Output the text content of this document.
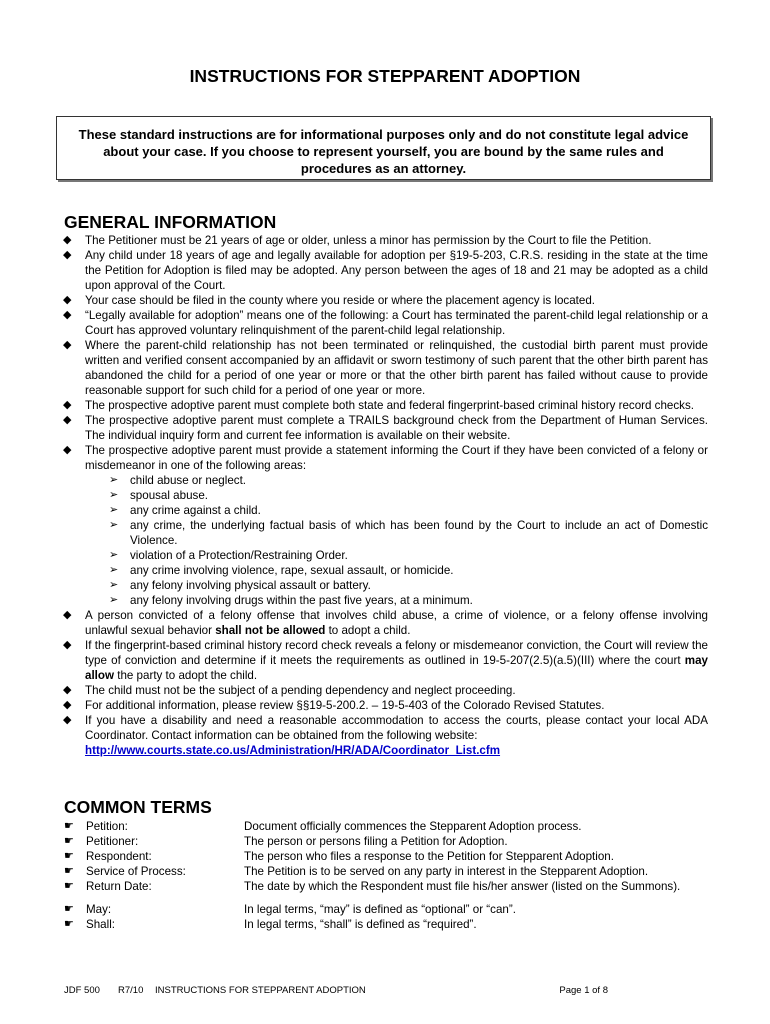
INSTRUCTIONS FOR STEPPARENT ADOPTION
These standard instructions are for informational purposes only and do not constitute legal advice about your case. If you choose to represent yourself, you are bound by the same rules and procedures as an attorney.
GENERAL INFORMATION
◆ The Petitioner must be 21 years of age or older, unless a minor has permission by the Court to file the Petition.
◆ Any child under 18 years of age and legally available for adoption per §19-5-203, C.R.S. residing in the state at the time the Petition for Adoption is filed may be adopted. Any person between the ages of 18 and 21 may be adopted as a child upon approval of the Court.
◆ Your case should be filed in the county where you reside or where the placement agency is located.
◆ “Legally available for adoption” means one of the following: a Court has terminated the parent-child legal relationship or a Court has approved voluntary relinquishment of the parent-child legal relationship.
◆ Where the parent-child relationship has not been terminated or relinquished, the custodial birth parent must provide written and verified consent accompanied by an affidavit or sworn testimony of such parent that the other birth parent has abandoned the child for a period of one year or more or that the other birth parent has failed without cause to provide reasonable support for such child for a period of one year or more.
◆ The prospective adoptive parent must complete both state and federal fingerprint-based criminal history record checks.
◆ The prospective adoptive parent must complete a TRAILS background check from the Department of Human Services. The individual inquiry form and current fee information is available on their website.
◆ The prospective adoptive parent must provide a statement informing the Court if they have been convicted of a felony or misdemeanor in one of the following areas:
➢ child abuse or neglect.
➢ spousal abuse.
➢ any crime against a child.
➢ any crime, the underlying factual basis of which has been found by the Court to include an act of Domestic Violence.
➢ violation of a Protection/Restraining Order.
➢ any crime involving violence, rape, sexual assault, or homicide.
➢ any felony involving physical assault or battery.
➢ any felony involving drugs within the past five years, at a minimum.
◆ A person convicted of a felony offense that involves child abuse, a crime of violence, or a felony offense involving unlawful sexual behavior shall not be allowed to adopt a child.
◆ If the fingerprint-based criminal history record check reveals a felony or misdemeanor conviction, the Court will review the type of conviction and determine if it meets the requirements as outlined in 19-5-207(2.5)(a.5)(III) where the court may allow the party to adopt the child.
◆ The child must not be the subject of a pending dependency and neglect proceeding.
◆ For additional information, please review §§19-5-200.2. – 19-5-403 of the Colorado Revised Statutes.
◆ If you have a disability and need a reasonable accommodation to access the courts, please contact your local ADA Coordinator. Contact information can be obtained from the following website:
http://www.courts.state.co.us/Administration/HR/ADA/Coordinator_List.cfm
COMMON TERMS
☛	Petition:	Document officially commences the Stepparent Adoption process.
☛	Petitioner:	The person or persons filing a Petition for Adoption.
☛	Respondent:	The person who files a response to the Petition for Stepparent Adoption.
☛	Service of Process:	The Petition is to be served on any party in interest in the Stepparent Adoption.
☛	Return Date:	The date by which the Respondent must file his/her answer (listed on the Summons).
☛	May:	In legal terms, “may” is defined as “optional” or “can”.
☛	Shall:	In legal terms, “shall” is defined as “required”.
JDF 500	R7/10	INSTRUCTIONS FOR STEPPARENT ADOPTION	Page 1 of 8
